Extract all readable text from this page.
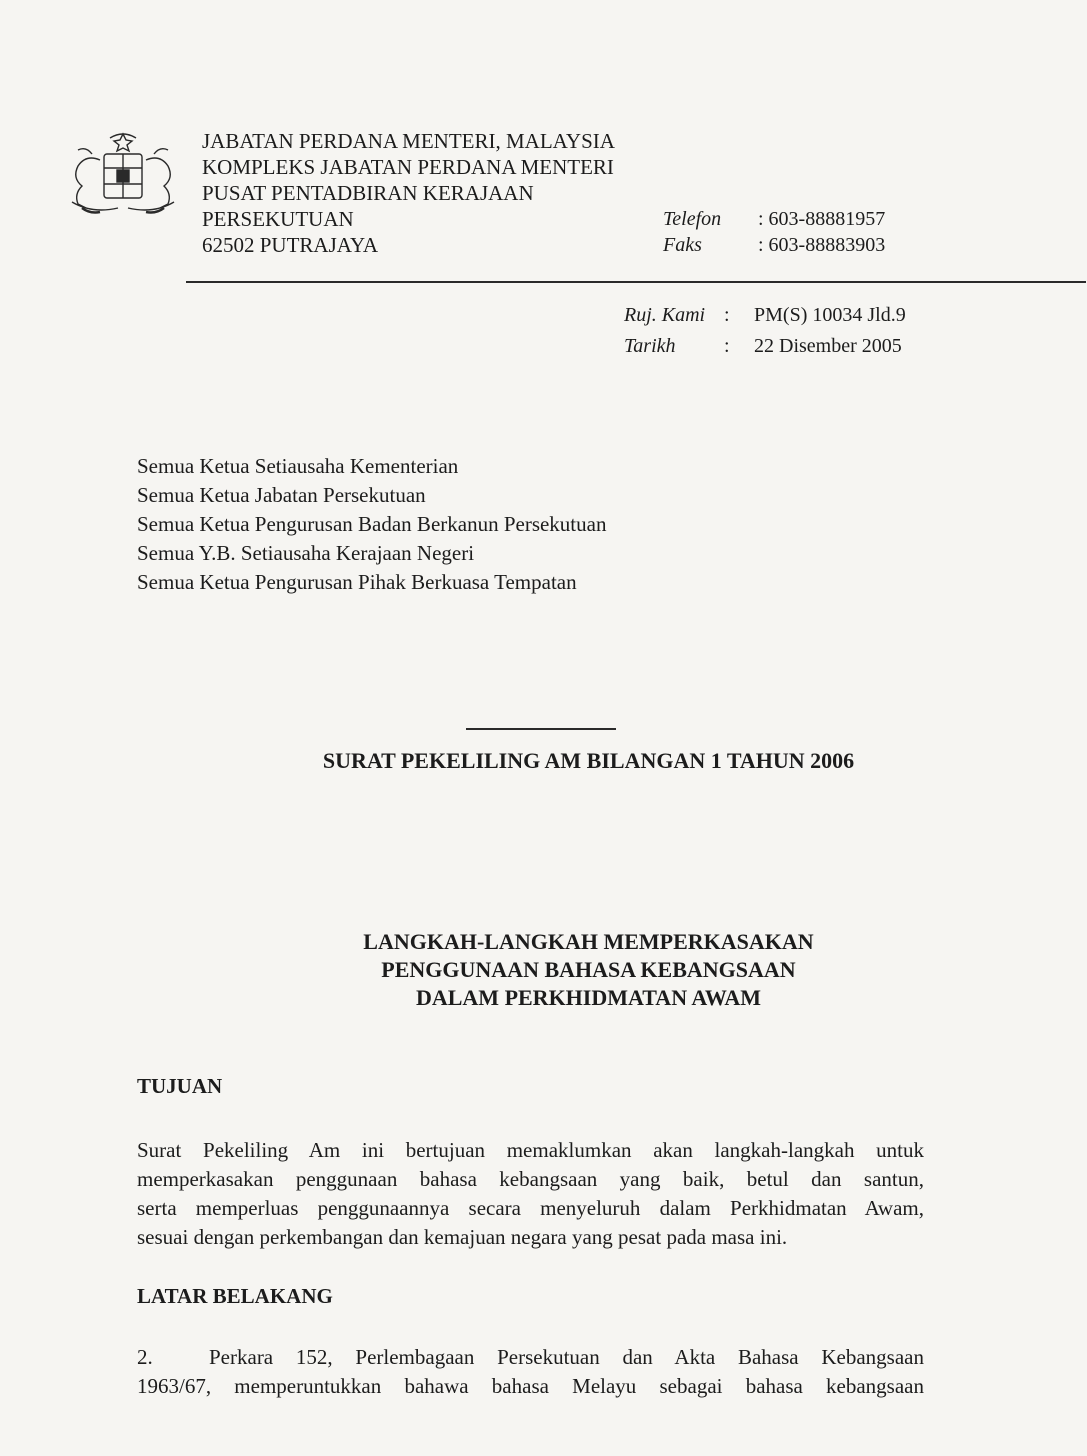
JABATAN PERDANA MENTERI, MALAYSIA
KOMPLEKS JABATAN PERDANA MENTERI
PUSAT PENTADBIRAN KERAJAAN
PERSEKUTUAN
62502 PUTRAJAYA
Telefon	: 603-88881957
Faks	: 603-88883903
Ruj. Kami :	PM(S) 10034 Jld.9
Tarikh	:	22 Disember 2005
Semua Ketua Setiausaha Kementerian
Semua Ketua Jabatan Persekutuan
Semua Ketua Pengurusan Badan Berkanun Persekutuan
Semua Y.B. Setiausaha Kerajaan Negeri
Semua Ketua Pengurusan Pihak Berkuasa Tempatan
SURAT PEKELILING AM BILANGAN 1 TAHUN 2006
LANGKAH-LANGKAH MEMPERKASAKAN
PENGGUNAAN BAHASA KEBANGSAAN
DALAM PERKHIDMATAN AWAM
TUJUAN
Surat Pekeliling Am ini bertujuan memaklumkan akan langkah-langkah untuk
memperkasakan penggunaan bahasa kebangsaan yang baik, betul dan santun,
serta memperluas penggunaannya secara menyeluruh dalam Perkhidmatan Awam,
sesuai dengan perkembangan dan kemajuan negara yang pesat pada masa ini.
LATAR BELAKANG
2.	Perkara 152, Perlembagaan Persekutuan dan Akta Bahasa Kebangsaan
1963/67, memperuntukkan bahawa bahasa Melayu sebagai bahasa kebangsaan
